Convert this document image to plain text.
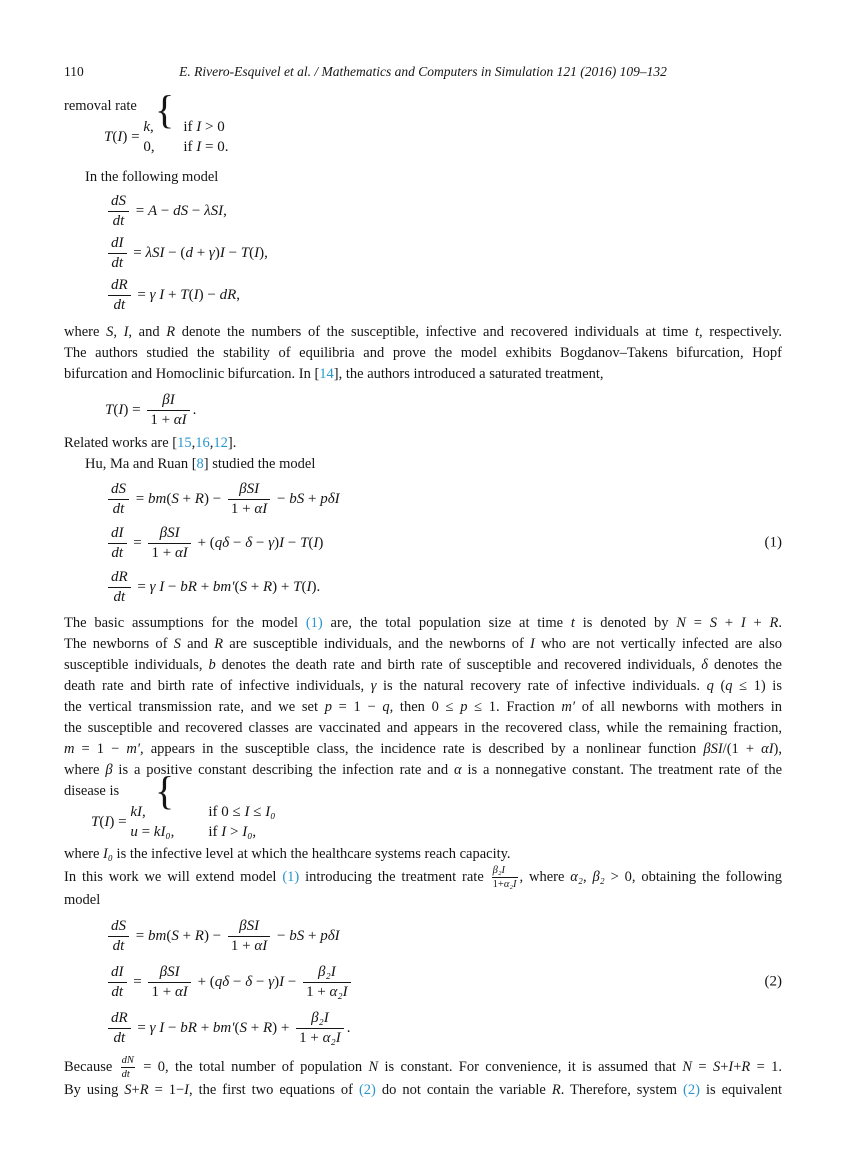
110	E. Rivero-Esquivel et al. / Mathematics and Computers in Simulation 121 (2016) 109–132
removal rate {
T(I) =
k,	if I > 0
0,	if I = 0.
In the following model
$\frac{dS}{dt} = A$ − dS − λSI ,
$\frac{dI}{dt} = \lambda SI$ − ( d + γ ) I − T ( I ),
$\frac{dR}{dt} = \gamma$ I + T ( I ) − dR ,
where S, I, and R denote the numbers of the susceptible, infective and recovered individuals at time t, respectively.
The authors studied the stability of equilibria and prove the model exhibits Bogdanov–Takens bifurcation, Hopf
bifurcation and Homoclinic bifurcation. In [14], the authors introduced a saturated treatment,
T ( I ) = $\frac{\beta I}{1 + \alpha I}$ .
Related works are [15,16,12].
Hu, Ma and Ruan [8] studied the model
$\frac{dS}{dt}$ = bm ( S + R ) − $\frac{\text{βSI}}{1 + \alpha I}$ − bS + pδI
$\frac{dI}{dt} = \frac{\text{βSI}}{1 + \alpha I}$ + ( qδ − δ − γ ) I − T ( I )
$\frac{dR}{dt} = \gamma$ I − bR + bm′ ( S + R ) + T ( I ).
(1)
The basic assumptions for the model (1) are, the total population size at time t is denoted by N = S + I + R.
The newborns of S and R are susceptible individuals, and the newborns of I who are not vertically infected are also
susceptible individuals, b denotes the death rate and birth rate of susceptible and recovered individuals, δ denotes the
death rate and birth rate of infective individuals, γ is the natural recovery rate of infective individuals. q (q ≤ 1) is
the vertical transmission rate, and we set p = 1 − q, then 0 ≤ p ≤ 1. Fraction m′ of all newborns with mothers in
the susceptible and recovered classes are vaccinated and appears in the recovered class, while the remaining fraction,
m = 1 − m′, appears in the susceptible class, the incidence rate is described by a nonlinear function βSI/(1 + αI),
where β is a positive constant describing the infection rate and α is a nonnegative constant. The treatment rate of the
disease is {
T(I) =
kI,	if 0 ≤ I ≤ I₀
u = kI₀,	if I > I₀,
where I₀ is the infective level at which the healthcare systems reach capacity.
In this work we will extend model (1) introducing the treatment rate $\frac{\text{β₂I}}{\text{1+α₂I}}$ , where α₂, β₂ > 0, obtaining the following
model
$\frac{dS}{dt}$ = bm ( S + R ) − $\frac{\text{βSI}}{1 + \alpha I}$ − bS + pδI
$\frac{dI}{dt} = \frac{\text{βSI}}{1 + \alpha I}$ + ( qδ − δ − γ ) $I - \frac{\text{β₂I}}{\text{1 + α₂I}}$
$\frac{dR}{dt} = \gamma$ I − bR + bm′ ( S + R ) + $\frac{\text{β₂I}}{\text{1 + α₂I}}$ .
(2)
Because $\frac{dN}{dt} = 0$, the total number of population N is constant. For convenience, it is assumed that N = S+I+R = 1.
By using S+R = 1−I, the first two equations of (2) do not contain the variable R. Therefore, system (2) is equivalent
